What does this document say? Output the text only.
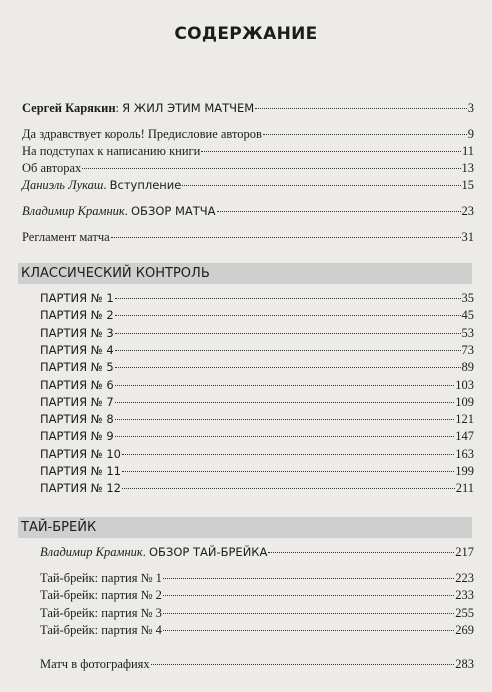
СОДЕРЖАНИЕ
Сергей Карякин: Я ЖИЛ ЭТИМ МАТЧЕМ	3
Да здравствует король! Предисловие авторов	9
На подступах к написанию книги	11
Об авторах	13
Даниэль Лукаш. Вступление	15
Владимир Крамник. ОБЗОР МАТЧА	23
Регламент матча	31
КЛАССИЧЕСКИЙ КОНТРОЛЬ
ПАРТИЯ № 1	35
ПАРТИЯ № 2	45
ПАРТИЯ № 3	53
ПАРТИЯ № 4	73
ПАРТИЯ № 5	89
ПАРТИЯ № 6	103
ПАРТИЯ № 7	109
ПАРТИЯ № 8	121
ПАРТИЯ № 9	147
ПАРТИЯ № 10	163
ПАРТИЯ № 11	199
ПАРТИЯ № 12	211
ТАЙ-БРЕЙК
Владимир Крамник. ОБЗОР ТАЙ-БРЕЙКА	217
Тай-брейк: партия № 1	223
Тай-брейк: партия № 2	233
Тай-брейк: партия № 3	255
Тай-брейк: партия № 4	269
Матч в фотографиях	283
